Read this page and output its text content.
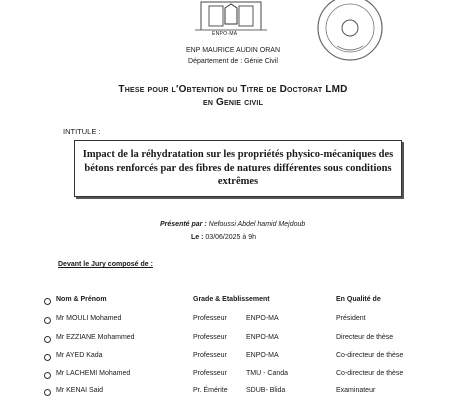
ENPO-MA
ENP MAURICE AUDIN ORAN
Département de : Génie Civil
These pour l'Obtention du Titre de Doctorat LMD
en Genie civil
INTITULE :
Impact de la réhydratation sur les propriétés physico-mécaniques des bétons renforcés par des fibres de natures différentes sous conditions extrêmes
Présenté par : Nefoussi Abdel hamid Mejdoub
Le : 03/06/2025 à 9h
Devant le Jury composé de :
Nom & Prénom	Grade & Etablissement	En Qualité de
Mr MOULI Mohamed	Professeur	ENPO-MA	Président
Mr EZZIANE Mohammed	Professeur	ENPO-MA	Directeur de thèse
Mr AYED Kada	Professeur	ENPO-MA	Co-directeur de thèse
Mr LACHEMI Mohamed	Professeur	TMU - Canda	Co-directeur de thèse
Mr KENAI Said	Pr. Émérite	SDUB- Blida	Examinateur
